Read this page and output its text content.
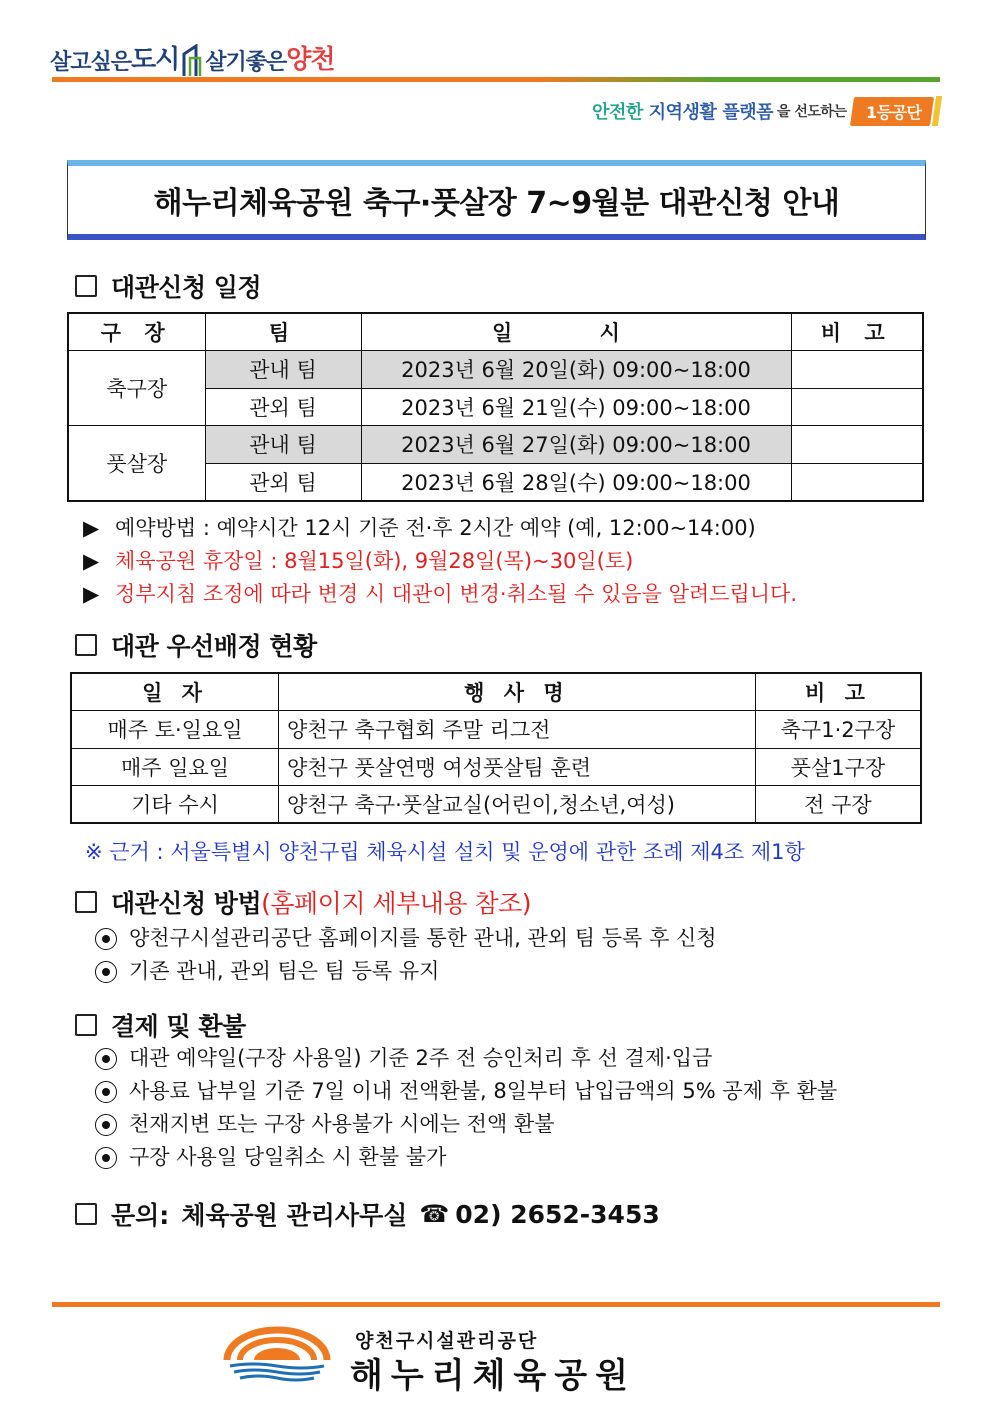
살고싶은 도시 살기좋은 양천
안전한 지역생활 플랫폼 을 선도하는	1등공단
해누리체육공원 축구·풋살장 7~9월분 대관신청 안내
대관신청 일정
구 장	팀	일 시	비 고
축구장	관내 팀	2023년 6월 20일(화) 09:00~18:00	
	관외 팀	2023년 6월 21일(수) 09:00~18:00	
풋살장	관내 팀	2023년 6월 27일(화) 09:00~18:00	
	관외 팀	2023년 6월 28일(수) 09:00~18:00	
▶ 예약방법 : 예약시간 12시 기준 전·후 2시간 예약 (예, 12:00~14:00)
▶ 체육공원 휴장일 : 8월15일(화), 9월28일(목)~30일(토)
▶ 정부지침 조정에 따라 변경 시 대관이 변경·취소될 수 있음을 알려드립니다.
대관 우선배정 현황
일 자	행 사 명	비 고
매주 토·일요일	양천구 축구협회 주말 리그전	축구1·2구장
매주 일요일	양천구 풋살연맹 여성풋살팀 훈련	풋살1구장
기타 수시	양천구 축구·풋살교실(어린이,청소년,여성)	전 구장
※ 근거 : 서울특별시 양천구립 체육시설 설치 및 운영에 관한 조례 제4조 제1항
대관신청 방법 (홈페이지 세부내용 참조)
양천구시설관리공단 홈페이지를 통한 관내, 관외 팀 등록 후 신청
기존 관내, 관외 팀은 팀 등록 유지
결제 및 환불
대관 예약일(구장 사용일) 기준 2주 전 승인처리 후 선 결제·입금
사용료 납부일 기준 7일 이내 전액환불, 8일부터 납입금액의 5% 공제 후 환불
천재지변 또는 구장 사용불가 시에는 전액 환불
구장 사용일 당일취소 시 환불 불가
문의: 체육공원 관리사무실 ☎ 02) 2652-3453
양천구시설관리공단
해누리체육공원
